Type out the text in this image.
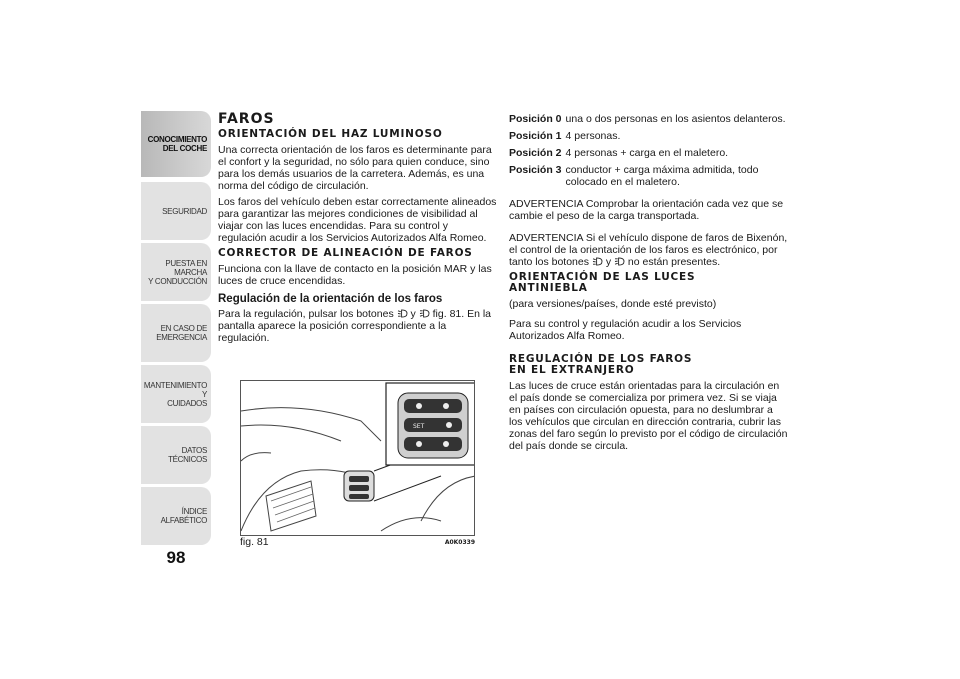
CONOCIMIENTO
DEL COCHE
SEGURIDAD
PUESTA EN MARCHA
Y CONDUCCIÓN
EN CASO DE
EMERGENCIA
MANTENIMIENTO Y
CUIDADOS
DATOS TÉCNICOS
ÍNDICE ALFABÉTICO
98
FAROS
ORIENTACIÓN DEL HAZ LUMINOSO

Una correcta orientación de los faros es determinante para el confort y la seguridad, no sólo para quien conduce, sino para los demás usuarios de la carretera. Además, es una norma del código de circulación.

Los faros del vehículo deben estar correctamente alineados para garantizar las mejores condiciones de visibilidad al viajar con las luces encendidas. Para su control y regulación acudir a los Servicios Autorizados Alfa Romeo.

CORRECTOR DE ALINEACIÓN DE FAROS

Funciona con la llave de contacto en la posición MAR y las luces de cruce encendidas.

Regulación de la orientación de los faros

Para la regulación, pulsar los botones y fig. 81. En la pantalla aparece la posición correspondiente a la regulación.

SET
fig. 81	A0K0339
Posición 0 una o dos personas en los asientos delanteros.
Posición 1 4 personas.
Posición 2 4 personas + carga en el maletero.
Posición 3 conductor + carga máxima admitida, todo colocado en el maletero.

ADVERTENCIA Comprobar la orientación cada vez que se cambie el peso de la carga transportada.

ADVERTENCIA Si el vehículo dispone de faros de Bixenón, el control de la orientación de los faros es electrónico, por tanto los botones y no están presentes.

ORIENTACIÓN DE LAS LUCES ANTINIEBLA

(para versiones/países, donde esté previsto)

Para su control y regulación acudir a los Servicios Autorizados Alfa Romeo.

REGULACIÓN DE LOS FAROS EN EL EXTRANJERO

Las luces de cruce están orientadas para la circulación en el país donde se comercializa por primera vez. Si se viaja en países con circulación opuesta, para no deslumbrar a los vehículos que circulan en dirección contraria, cubrir las zonas del faro según lo previsto por el código de circulación del país donde se circula.
